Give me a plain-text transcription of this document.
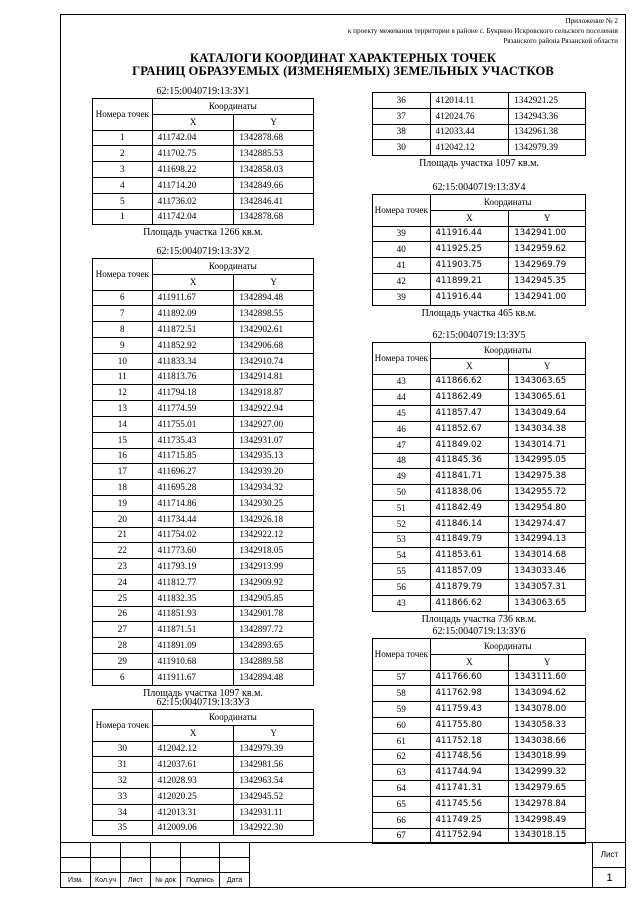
Приложение № 2
к проекту межевания территории в районе с. Букрино Искровского сельского поселения
Рязанского района Рязанской области
КАТАЛОГИ КООРДИНАТ ХАРАКТЕРНЫХ ТОЧЕК
ГРАНИЦ ОБРАЗУЕМЫХ (ИЗМЕНЯЕМЫХ) ЗЕМЕЛЬНЫХ УЧАСТКОВ
62:15:0040719:13:ЗУ1
Номера точек	Координаты	
	X	Y
1	411742.04	1342878.68
2	411702.75	1342885.53
3	411698.22	1342858.03
4	411714.20	1342849.66
5	411736.02	1342846.41
1	411742.04	1342878.68
Площадь участка 1266 кв.м.
62:15:0040719:13:ЗУ2
Номера точек	Координаты	
	X	Y
6	411911.67	1342894.48
7	411892.09	1342898.55
8	411872.51	1342902.61
9	411852.92	1342906.68
10	411833.34	1342910.74
11	411813.76	1342914.81
12	411794.18	1342918.87
13	411774.59	1342922.94
14	411755.01	1342927.00
15	411735.43	1342931.07
16	411715.85	1342935.13
17	411696.27	1342939.20
18	411695.28	1342934.32
19	411714.86	1342930.25
20	411734.44	1342926.18
21	411754.02	1342922.12
22	411773.60	1342918.05
23	411793.19	1342913.99
24	411812.77	1342909.92
25	411832.35	1342905.85
26	411851.93	1342901.78
27	411871.51	1342897.72
28	411891.09	1342893.65
29	411910.68	1342889.58
6	411911.67	1342894.48
Площадь участка 1097 кв.м.
62:15:0040719:13:ЗУ3
Номера точек	Координаты	
	X	Y
30	412042.12	1342979.39
31	412037.61	1342981.56
32	412028.93	1342963.54
33	412020.25	1342945.52
34	412013.31	1342931.11
35	412009.06	1342922.30
36	412014.11	1342921.25
37	412024.76	1342943.36
38	412033.44	1342961.38
30	412042.12	1342979.39
Площадь участка 1097 кв.м.
62:15:0040719:13:ЗУ4
Номера точек	Координаты	
	X	Y
39	411916.44	1342941.00
40	411925.25	1342959.62
41	411903.75	1342969.79
42	411899.21	1342945.35
39	411916.44	1342941.00
Площадь участка 465 кв.м.
62:15:0040719:13:ЗУ5
Номера точек	Координаты	
	X	Y
43	411866.62	1343063.65
44	411862.49	1343065.61
45	411857.47	1343049.64
46	411852.67	1343034.38
47	411849.02	1343014.71
48	411845.36	1342995.05
49	411841.71	1342975.38
50	411838.06	1342955.72
51	411842.49	1342954.80
52	411846.14	1342974.47
53	411849.79	1342994.13
54	411853.61	1343014.68
55	411857.09	1343033.46
56	411879.79	1343057.31
43	411866.62	1343063.65
Площадь участка 736 кв.м.
62:15:0040719:13:ЗУ6
Номера точек	Координаты	
	X	Y
57	411766.60	1343111.60
58	411762.98	1343094.62
59	411759.43	1343078.00
60	411755.80	1343058.33
61	411752.18	1343038.66
62	411748.56	1343018.99
63	411744.94	1342999.32
64	411741.31	1342979.65
65	411745.56	1342978.84
66	411749.25	1342998.49
67	411752.94	1343018.15

Изм.	Кол.уч	Лист	№ док	Подпись	Дата
Лист
1
